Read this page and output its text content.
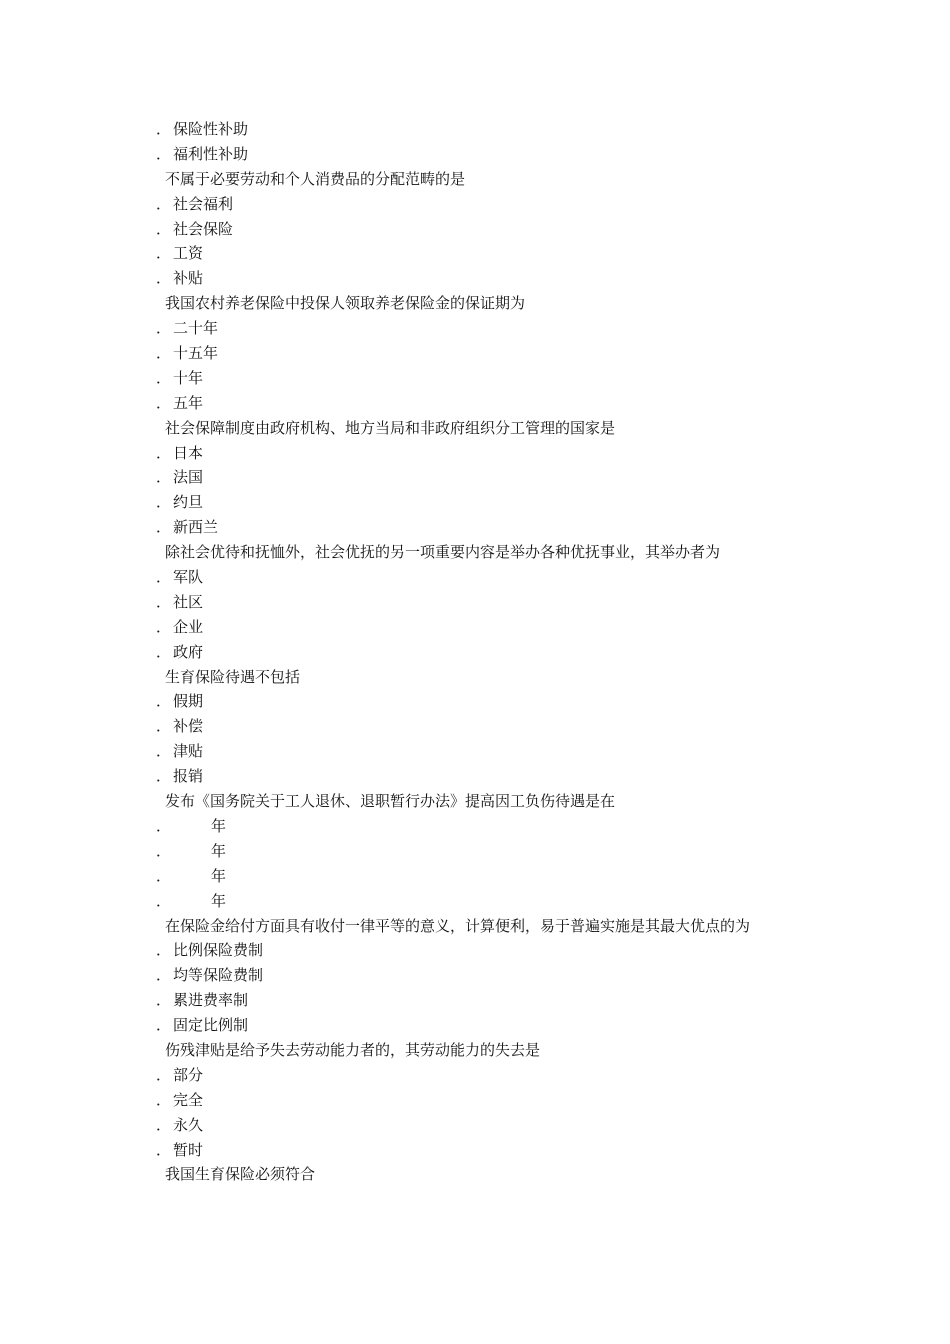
． 保险性补助
． 福利性补助
不属于必要劳动和个人消费品的分配范畴的是
． 社会福利
． 社会保险
． 工资
． 补贴
我国农村养老保险中投保人领取养老保险金的保证期为
． 二十年
． 十五年
． 十年
． 五年
社会保障制度由政府机构、地方当局和非政府组织分工管理的国家是
． 日本
． 法国
． 约旦
． 新西兰
除社会优待和抚恤外，社会优抚的另一项重要内容是举办各种优抚事业，其举办者为
． 军队
． 社区
． 企业
． 政府
生育保险待遇不包括
． 假期
． 补偿
． 津贴
． 报销
发布《国务院关于工人退休、退职暂行办法》提高因工负伤待遇是在
．	年
．	年
．	年
．	年
在保险金给付方面具有收付一律平等的意义，计算便利，易于普遍实施是其最大优点的为
． 比例保险费制
． 均等保险费制
． 累进费率制
． 固定比例制
伤残津贴是给予失去劳动能力者的，其劳动能力的失去是
． 部分
． 完全
． 永久
． 暂时
我国生育保险必须符合
